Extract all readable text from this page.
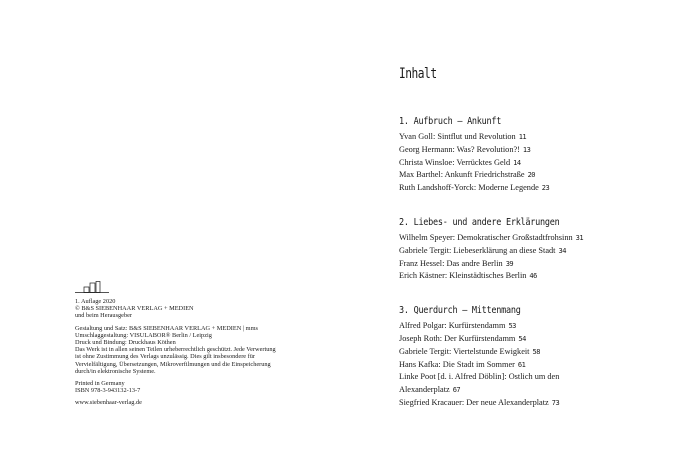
1. Auflage 2020
© B&S SIEBENHAAR VERLAG + MEDIEN
und beim Herausgeber
Gestaltung und Satz: B&S SIEBENHAAR VERLAG + MEDIEN | mms
Umschlaggestaltung: VISULABOR® Berlin / Leipzig
Druck und Bindung: Druckhaus Köthen
Das Werk ist in allen seinen Teilen urheberrechtlich geschützt. Jede Verwertung
ist ohne Zustimmung des Verlags unzulässig. Dies gilt insbesondere für
Vervielfältigung, Übersetzungen, Mikroverfilmungen und die Einspeicherung
durch/in elektronische Systeme.
Printed in Germany
ISBN 978-3-943132-13-7
www.siebenhaar-verlag.de
Inhalt
1. Aufbruch – Ankunft
Yvan Goll: Sintflut und Revolution 11
Georg Hermann: Was? Revolution?! 13
Christa Winsloe: Verrücktes Geld 14
Max Barthel: Ankunft Friedrichstraße 20
Ruth Landshoff-Yorck: Moderne Legende 23
2. Liebes- und andere Erklärungen
Wilhelm Speyer: Demokratischer Großstadtfrohsinn 31
Gabriele Tergit: Liebeserklärung an diese Stadt 34
Franz Hessel: Das andre Berlin 39
Erich Kästner: Kleinstädtisches Berlin 46
3. Querdurch – Mittenmang
Alfred Polgar: Kurfürstendamm 53
Joseph Roth: Der Kurfürstendamm 54
Gabriele Tergit: Viertelstunde Ewigkeit 58
Hans Kafka: Die Stadt im Sommer 61
Linke Poot [d. i. Alfred Döblin]: Ostlich um den Alexanderplatz 67
Siegfried Kracauer: Der neue Alexanderplatz 73
